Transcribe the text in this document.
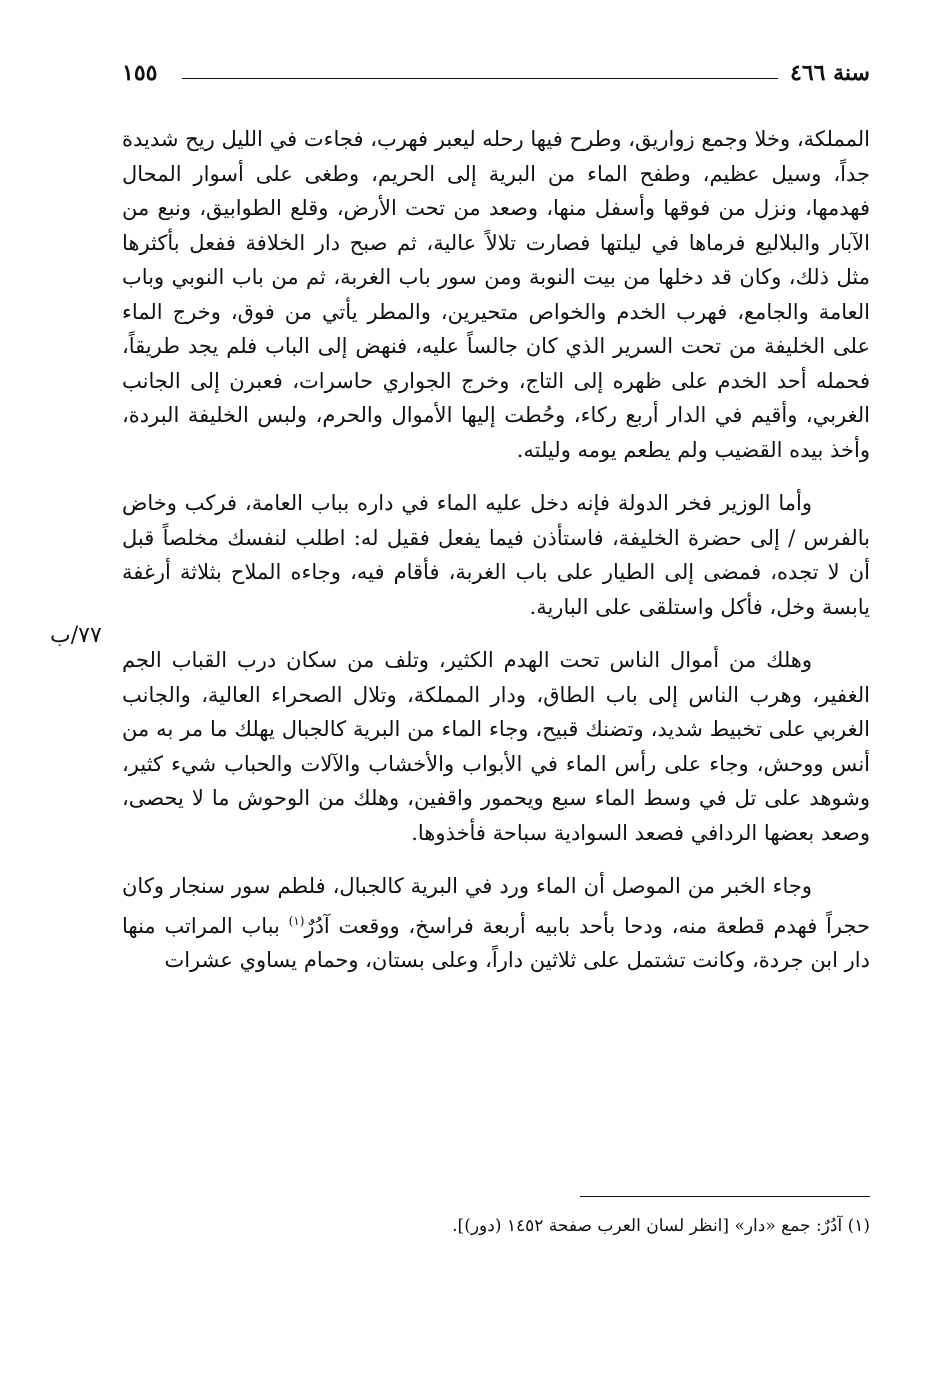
سنة ٤٦٦
١٥٥
٧٧/ب

المملكة، وخلا وجمع زواريق، وطرح فيها رحله ليعبر فهرب، فجاءت في الليل ريح شديدة جداً، وسيل عظيم، وطفح الماء من البرية إلى الحريم، وطغى على أسوار المحال فهدمها، ونزل من فوقها وأسفل منها، وصعد من تحت الأرض، وقلع الطوابيق، ونبع من الآبار والبلاليع فرماها في ليلتها فصارت تلالاً عالية، ثم صبح دار الخلافة ففعل بأكثرها مثل ذلك، وكان قد دخلها من بيت النوبة ومن سور باب الغربة، ثم من باب النوبي وباب العامة والجامع، فهرب الخدم والخواص متحيرين، والمطر يأتي من فوق، وخرج الماء على الخليفة من تحت السرير الذي كان جالساً عليه، فنهض إلى الباب فلم يجد طريقاً، فحمله أحد الخدم على ظهره إلى التاج، وخرج الجواري حاسرات، فعبرن إلى الجانب الغربي، وأقيم في الدار أربع ركاء، وحُطت إليها الأموال والحرم، ولبس الخليفة البردة، وأخذ بيده القضيب ولم يطعم يومه وليلته.

وأما الوزير فخر الدولة فإنه دخل عليه الماء في داره بباب العامة، فركب وخاض بالفرس / إلى حضرة الخليفة، فاستأذن فيما يفعل فقيل له: اطلب لنفسك مخلصاً قبل أن لا تجده، فمضى إلى الطيار على باب الغربة، فأقام فيه، وجاءه الملاح بثلاثة أرغفة يابسة وخل، فأكل واستلقى على البارية.

وهلك من أموال الناس تحت الهدم الكثير، وتلف من سكان درب القباب الجم الغفير، وهرب الناس إلى باب الطاق، ودار المملكة، وتلال الصحراء العالية، والجانب الغربي على تخبيط شديد، وتضنك قبيح، وجاء الماء من البرية كالجبال يهلك ما مر به من أنس ووحش، وجاء على رأس الماء في الأبواب والأخشاب والآلات والحباب شيء كثير، وشوهد على تل في وسط الماء سبع ويحمور واقفين، وهلك من الوحوش ما لا يحصى، وصعد بعضها الردافي فصعد السوادية سباحة فأخذوها.

وجاء الخبر من الموصل أن الماء ورد في البرية كالجبال، فلطم سور سنجار وكان حجراً فهدم قطعة منه، ودحا بأحد بابيه أربعة فراسخ، ووقعت آدُرٌ$^{(١)}$ بباب المراتب منها دار ابن جردة، وكانت تشتمل على ثلاثين داراً، وعلى بستان، وحمام يساوي عشرات

(١) آدُرٌ: جمع «دار» [انظر لسان العرب صفحة ١٤٥٢ (دور)].
